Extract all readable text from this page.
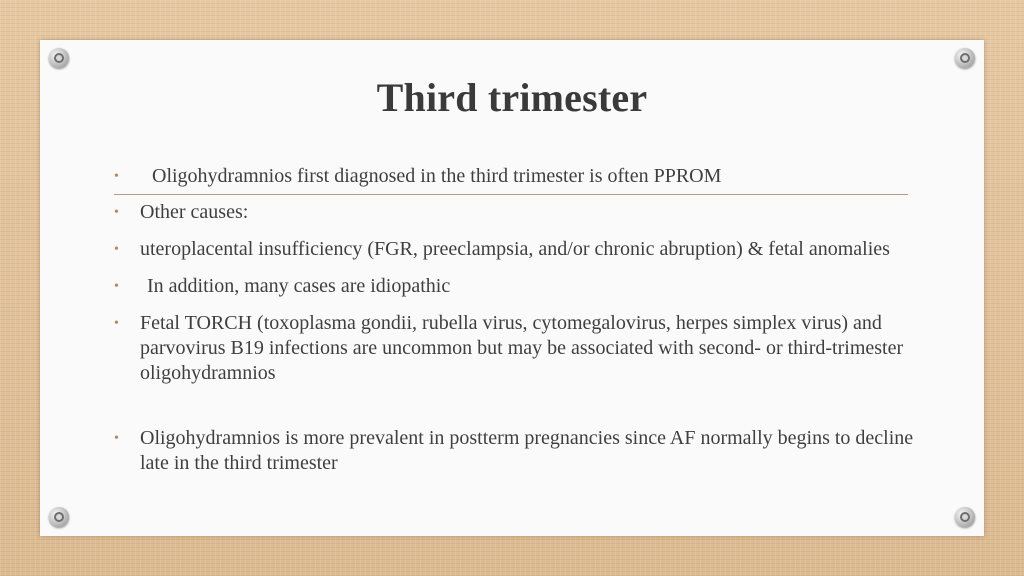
Third trimester
• Oligohydramnios first diagnosed in the third trimester is often PPROM
• Other causes:
• uteroplacental insufficiency (FGR, preeclampsia, and/or chronic abruption) & fetal anomalies
• In addition, many cases are idiopathic
• Fetal TORCH (toxoplasma gondii, rubella virus, cytomegalovirus, herpes simplex virus) and parvovirus B19 infections are uncommon but may be associated with second- or third-trimester oligohydramnios
• Oligohydramnios is more prevalent in postterm pregnancies since AF normally begins to decline late in the third trimester
